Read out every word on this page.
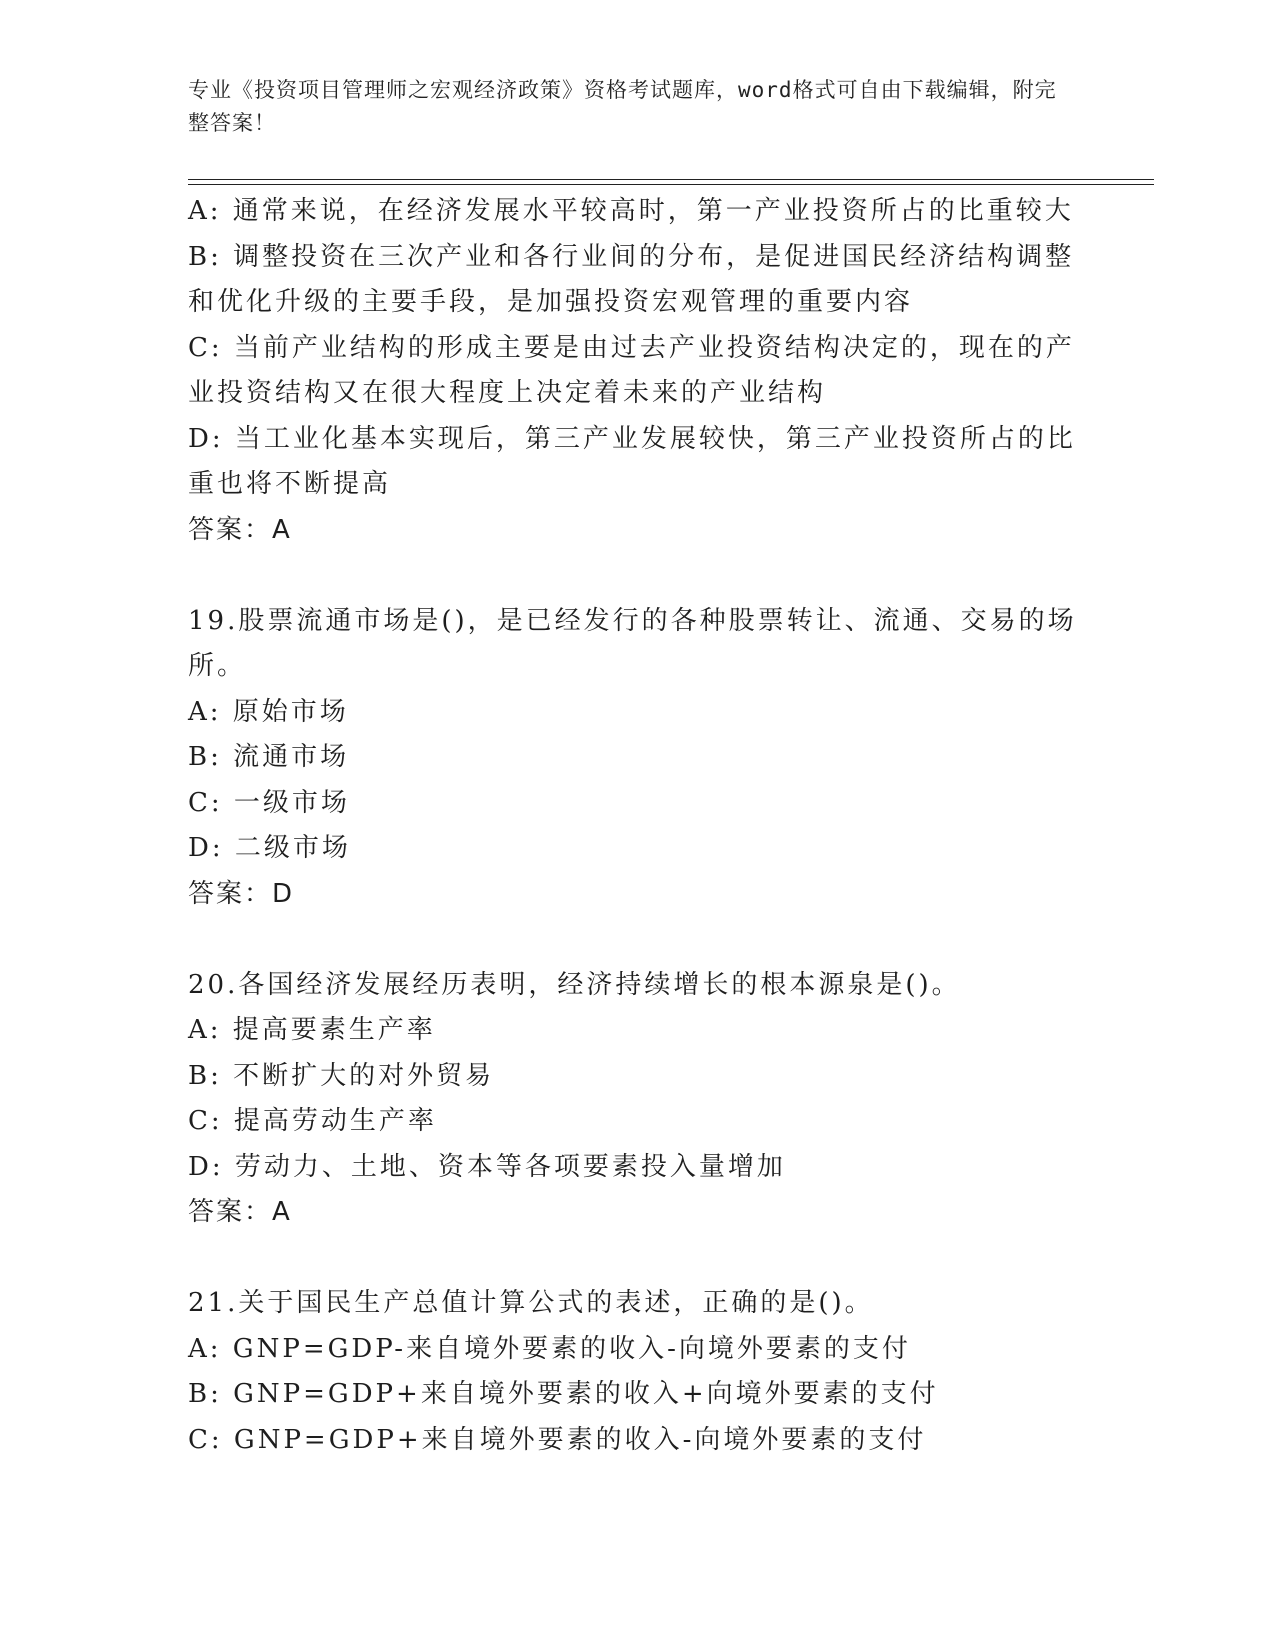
专业《投资项目管理师之宏观经济政策》资格考试题库，word格式可自由下载编辑，附完整答案！
A: 通常来说，在经济发展水平较高时，第一产业投资所占的比重较大
B: 调整投资在三次产业和各行业间的分布，是促进国民经济结构调整和优化升级的主要手段，是加强投资宏观管理的重要内容
C: 当前产业结构的形成主要是由过去产业投资结构决定的，现在的产业投资结构又在很大程度上决定着未来的产业结构
D: 当工业化基本实现后，第三产业发展较快，第三产业投资所占的比重也将不断提高
答案：A
19.股票流通市场是()，是已经发行的各种股票转让、流通、交易的场所。
A: 原始市场
B: 流通市场
C: 一级市场
D: 二级市场
答案：D
20.各国经济发展经历表明，经济持续增长的根本源泉是()。
A: 提高要素生产率
B: 不断扩大的对外贸易
C: 提高劳动生产率
D: 劳动力、土地、资本等各项要素投入量增加
答案：A
21.关于国民生产总值计算公式的表述，正确的是()。
A: GNP=GDP-来自境外要素的收入-向境外要素的支付
B: GNP=GDP+来自境外要素的收入+向境外要素的支付
C: GNP=GDP+来自境外要素的收入-向境外要素的支付
